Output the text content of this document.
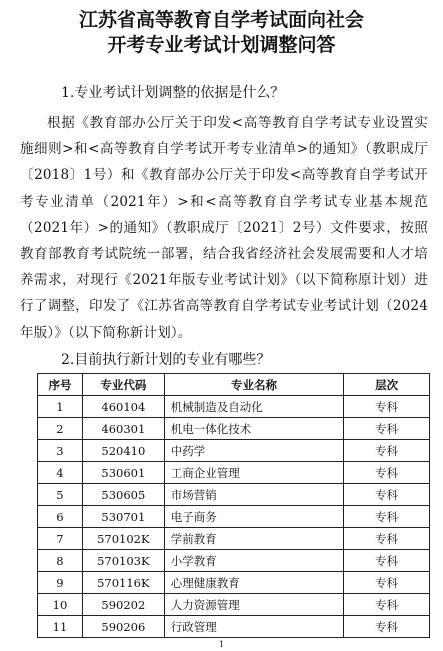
江苏省高等教育自学考试面向社会
开考专业考试计划调整问答
1.专业考试计划调整的依据是什么？
根据《教育部办公厅关于印发<高等教育自学考试专业设置实施细则>和<高等教育自学考试开考专业清单>的通知》（教职成厅〔2018〕1号）和《教育部办公厅关于印发<高等教育自学考试开考专业清单（2021年）>和<高等教育自学考试专业基本规范（2021年）>的通知》（教职成厅〔2021〕2号）文件要求，按照教育部教育考试院统一部署，结合我省经济社会发展需要和人才培养需求，对现行《2021年版专业考试计划》（以下简称原计划）进行了调整，印发了《江苏省高等教育自学考试专业考试计划（2024年版）》（以下简称新计划）。
2.目前执行新计划的专业有哪些？
序号	专业代码	专业名称	层次
1	460104	机械制造及自动化	专科
2	460301	机电一体化技术	专科
3	520410	中药学	专科
4	530601	工商企业管理	专科
5	530605	市场营销	专科
6	530701	电子商务	专科
7	570102K	学前教育	专科
8	570103K	小学教育	专科
9	570116K	心理健康教育	专科
10	590202	人力资源管理	专科
11	590206	行政管理	专科
1
